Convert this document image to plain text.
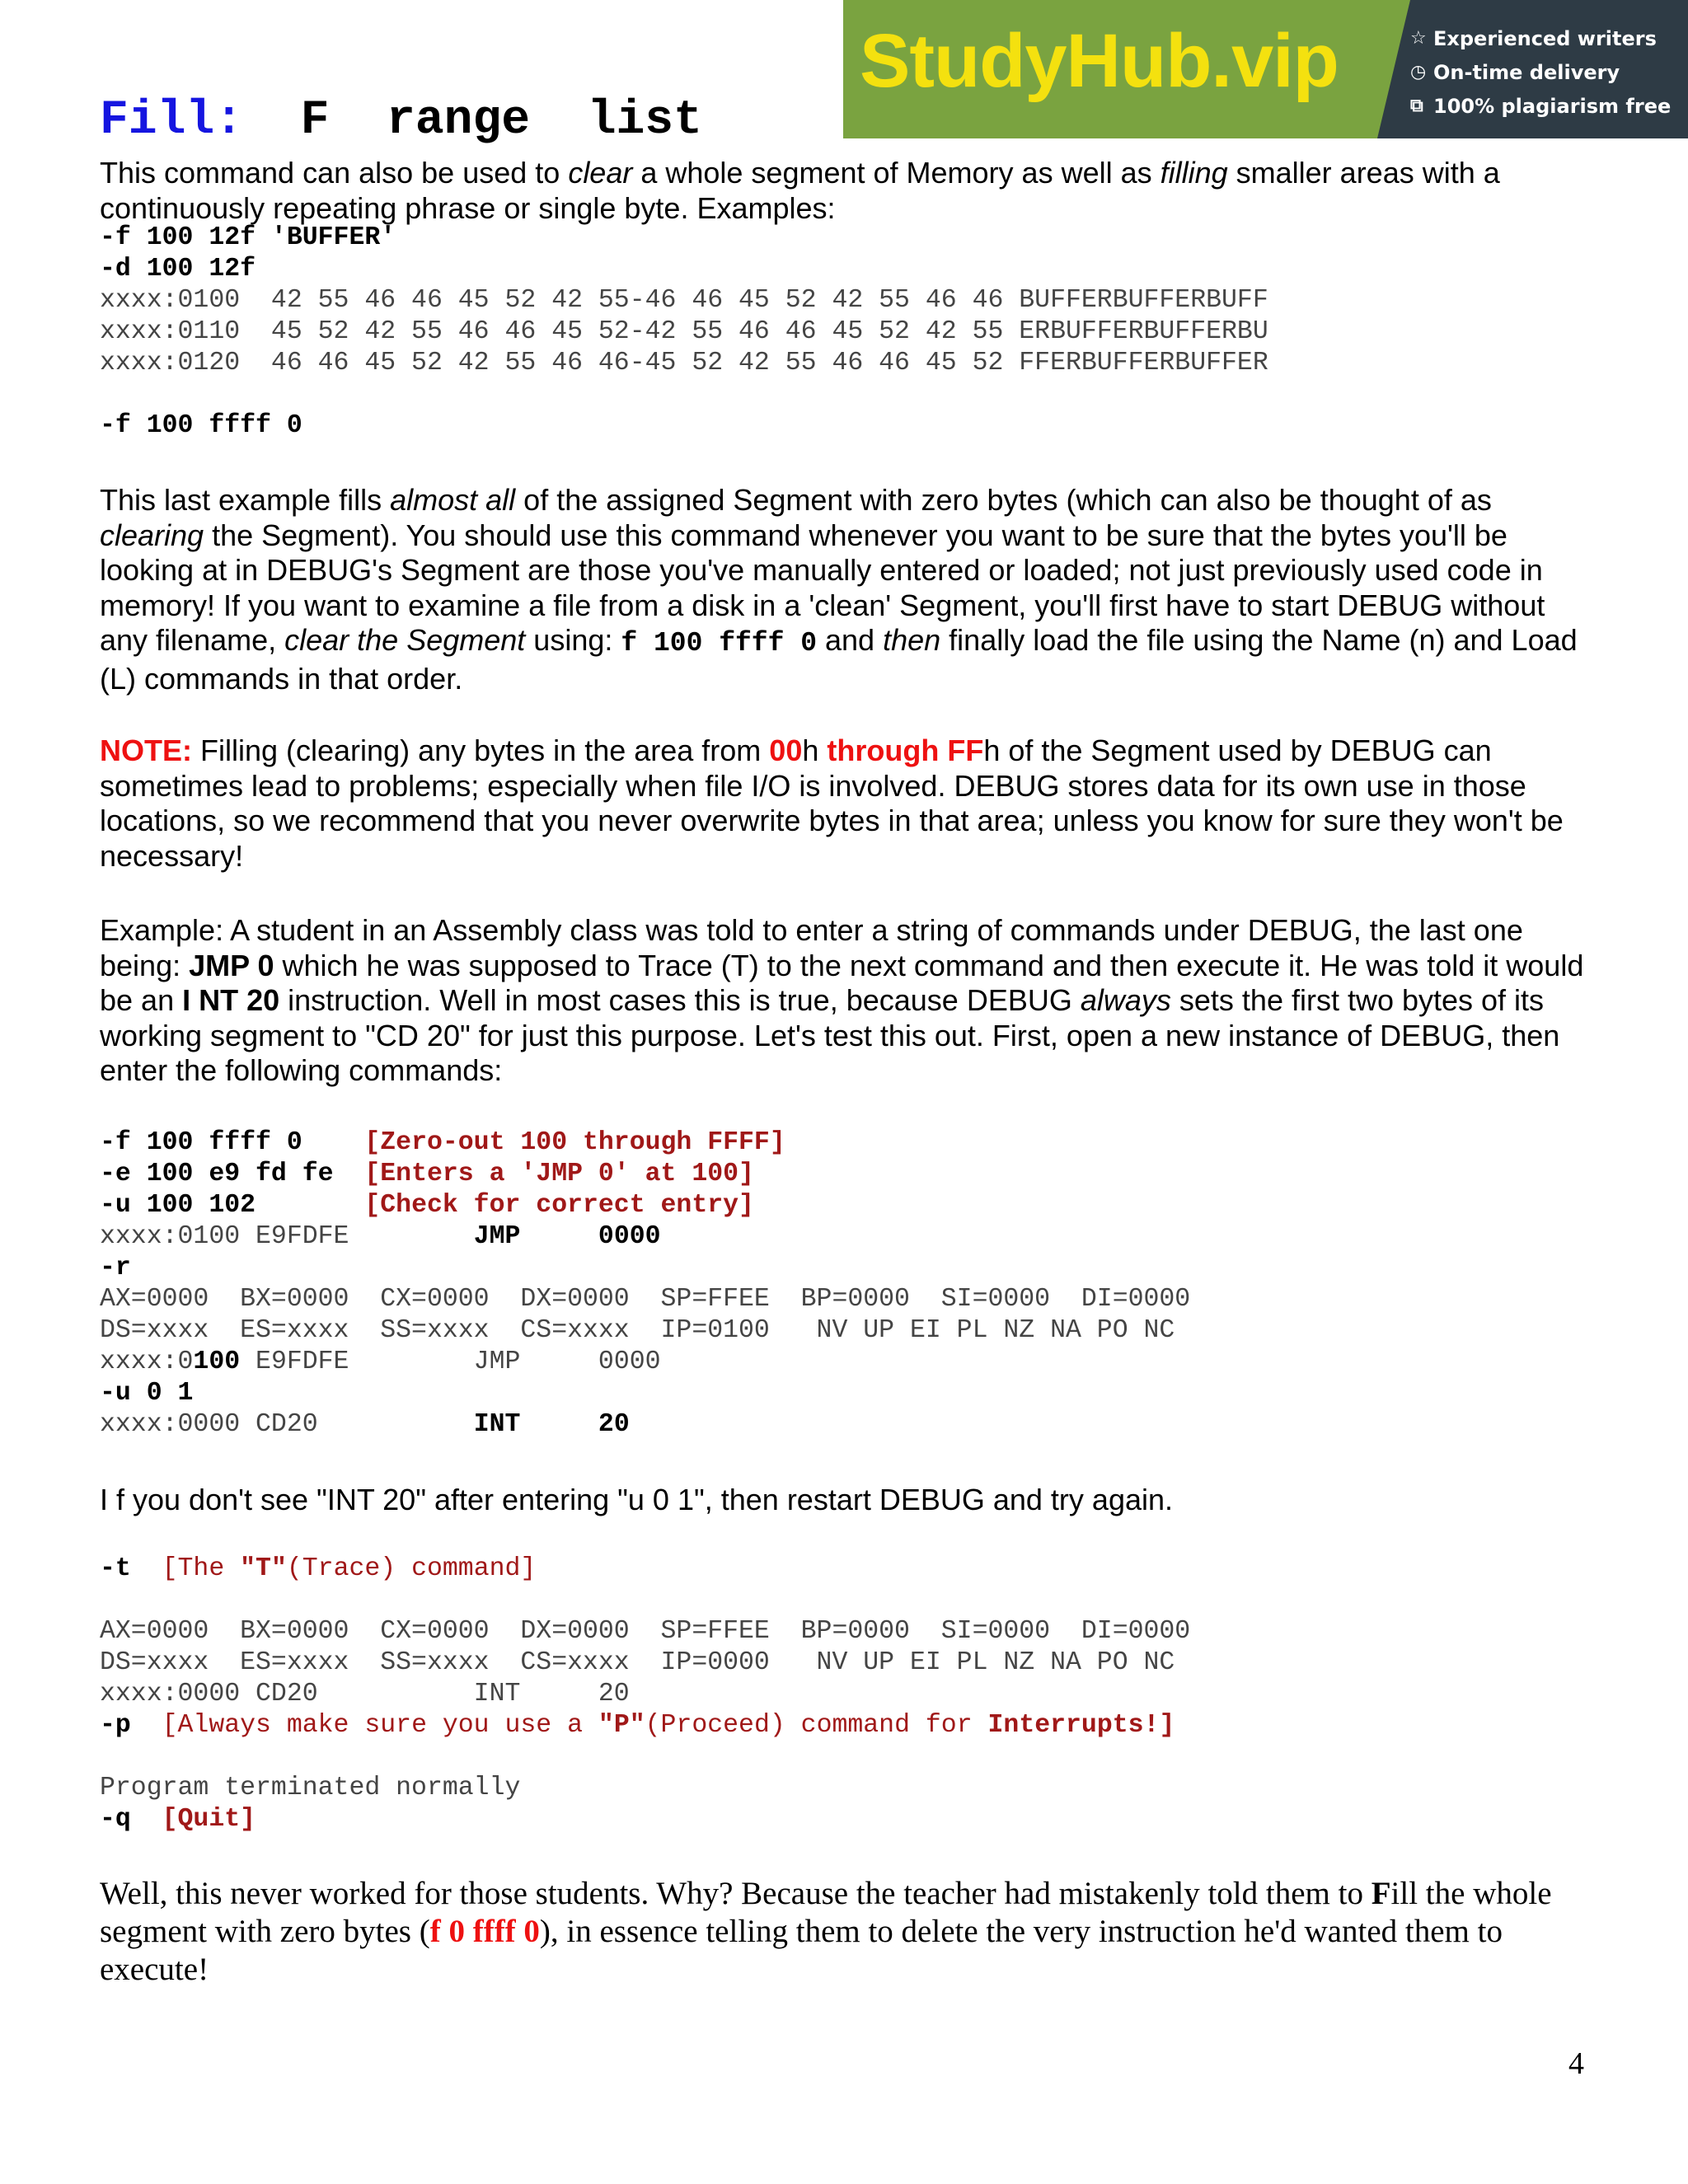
StudyHub.vip	☆ Experienced writers
◷ On-time delivery
⧉ 100% plagiarism free
Fill:  F  range  list
This command can also be used to clear a whole segment of Memory as well as filling smaller areas with a continuously repeating phrase or single byte. Examples:
-f 100 12f 'BUFFER'
-d 100 12f
xxxx:0100  42 55 46 46 45 52 42 55-46 46 45 52 42 55 46 46 BUFFERBUFFERBUFF
xxxx:0110  45 52 42 55 46 46 45 52-42 55 46 46 45 52 42 55 ERBUFFERBUFFERBU
xxxx:0120  46 46 45 52 42 55 46 46-45 52 42 55 46 46 45 52 FFERBUFFERBUFFER

-f 100 ffff 0
This last example fills almost all of the assigned Segment with zero bytes (which can also be thought of as clearing the Segment). You should use this command whenever you want to be sure that the bytes you'll be looking at in DEBUG's Segment are those you've manually entered or loaded; not just previously used code in memory! If you want to examine a file from a disk in a 'clean' Segment, you'll first have to start DEBUG without any filename, clear the Segment using: f 100 ffff 0 and then finally load the file using the Name (n) and Load (L) commands in that order.
NOTE: Filling (clearing) any bytes in the area from 00h through FFh of the Segment used by DEBUG can sometimes lead to problems; especially when file I/O is involved. DEBUG stores data for its own use in those locations, so we recommend that you never overwrite bytes in that area; unless you know for sure they won't be necessary!
Example: A student in an Assembly class was told to enter a string of commands under DEBUG, the last one being: JMP 0 which he was supposed to Trace (T) to the next command and then execute it. He was told it would be an I NT 20 instruction. Well in most cases this is true, because DEBUG always sets the first two bytes of its working segment to "CD 20" for just this purpose. Let's test this out. First, open a new instance of DEBUG, then enter the following commands:
-f 100 ffff 0    [Zero-out 100 through FFFF]
-e 100 e9 fd fe  [Enters a 'JMP 0' at 100]
-u 100 102       [Check for correct entry]
xxxx:0100 E9FDFE        JMP     0000
-r
AX=0000  BX=0000  CX=0000  DX=0000  SP=FFEE  BP=0000  SI=0000  DI=0000
DS=xxxx  ES=xxxx  SS=xxxx  CS=xxxx  IP=0100   NV UP EI PL NZ NA PO NC
xxxx:0100 E9FDFE        JMP     0000
-u 0 1
xxxx:0000 CD20          INT     20
I f you don't see "INT 20" after entering "u 0 1", then restart DEBUG and try again.
-t  [The "T"(Trace) command]

AX=0000  BX=0000  CX=0000  DX=0000  SP=FFEE  BP=0000  SI=0000  DI=0000
DS=xxxx  ES=xxxx  SS=xxxx  CS=xxxx  IP=0000   NV UP EI PL NZ NA PO NC
xxxx:0000 CD20          INT     20
-p  [Always make sure you use a "P"(Proceed) command for Interrupts!]

Program terminated normally
-q  [Quit]
Well, this never worked for those students. Why? Because the teacher had mistakenly told them to Fill the whole segment with zero bytes (f 0 ffff 0), in essence telling them to delete the very instruction he'd wanted them to execute!
4
